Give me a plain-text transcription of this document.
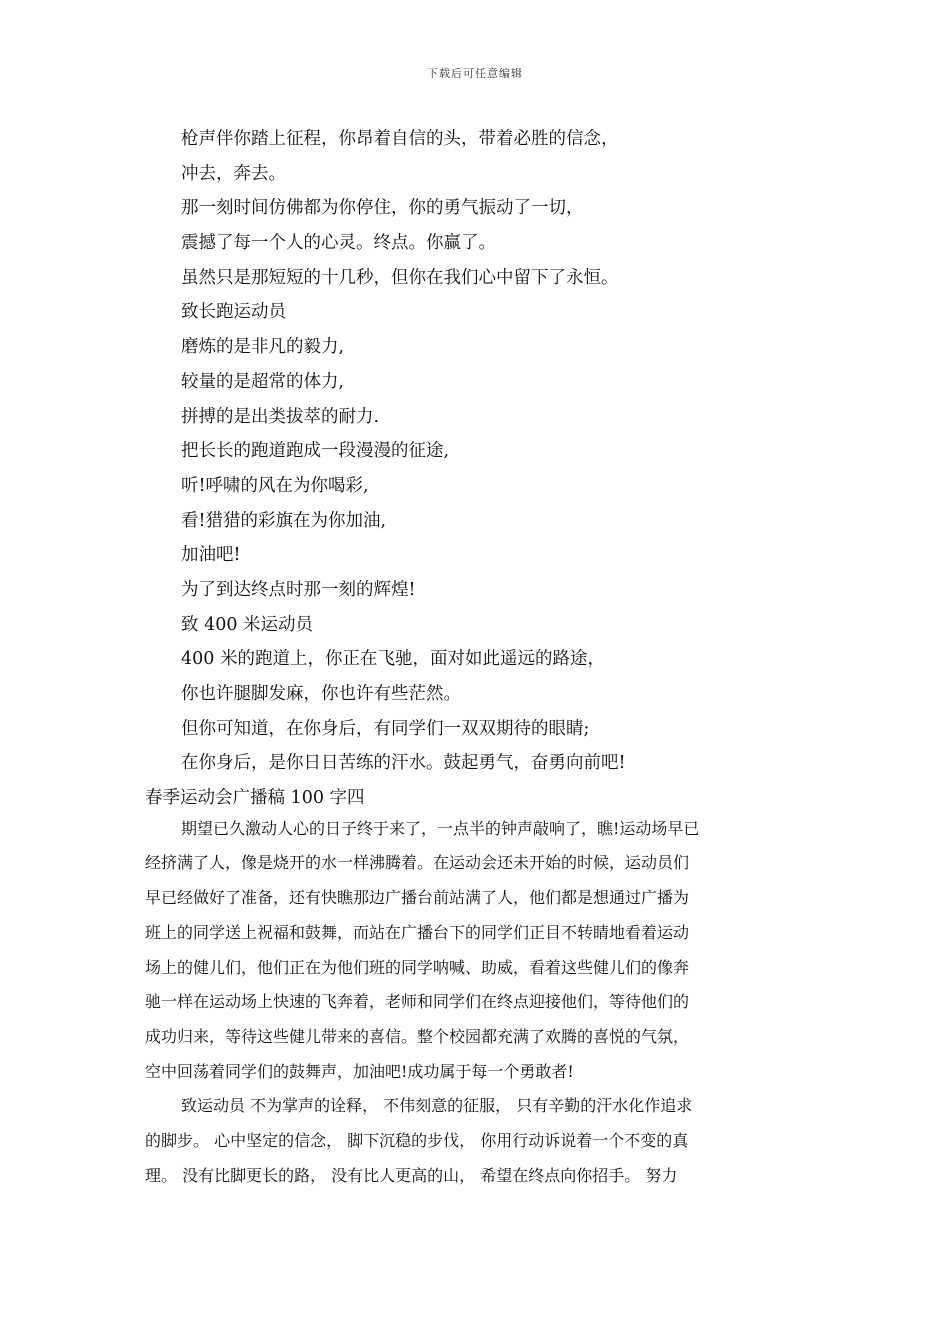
下载后可任意编辑
枪声伴你踏上征程，你昂着自信的头，带着必胜的信念，
冲去，奔去。
那一刻时间仿佛都为你停住，你的勇气振动了一切，
震撼了每一个人的心灵。终点。你赢了。
虽然只是那短短的十几秒，但你在我们心中留下了永恒。
致长跑运动员
磨炼的是非凡的毅力,
较量的是超常的体力,
拼搏的是出类拔萃的耐力.
把长长的跑道跑成一段漫漫的征途,
听!呼啸的风在为你喝彩,
看!猎猎的彩旗在为你加油,
加油吧!
为了到达终点时那一刻的辉煌!
致 400 米运动员
400 米的跑道上，你正在飞驰，面对如此遥远的路途，
你也许腿脚发麻，你也许有些茫然。
但你可知道，在你身后，有同学们一双双期待的眼睛;
在你身后，是你日日苦练的汗水。鼓起勇气，奋勇向前吧!
春季运动会广播稿 100 字四
期望已久激动人心的日子终于来了，一点半的钟声敲响了，瞧!运动场早已
经挤满了人，像是烧开的水一样沸腾着。在运动会还未开始的时候，运动员们
早已经做好了准备，还有快瞧那边广播台前站满了人，他们都是想通过广播为
班上的同学送上祝福和鼓舞，而站在广播台下的同学们正目不转睛地看着运动
场上的健儿们，他们正在为他们班的同学呐喊、助威，看着这些健儿们的像奔
驰一样在运动场上快速的飞奔着，老师和同学们在终点迎接他们，等待他们的
成功归来，等待这些健儿带来的喜信。整个校园都充满了欢腾的喜悦的气氛，
空中回荡着同学们的鼓舞声，加油吧!成功属于每一个勇敢者!
致运动员 不为掌声的诠释， 不伟刻意的征服， 只有辛勤的汗水化作追求
的脚步。 心中坚定的信念， 脚下沉稳的步伐， 你用行动诉说着一个不变的真
理。 没有比脚更长的路， 没有比人更高的山， 希望在终点向你招手。 努力
